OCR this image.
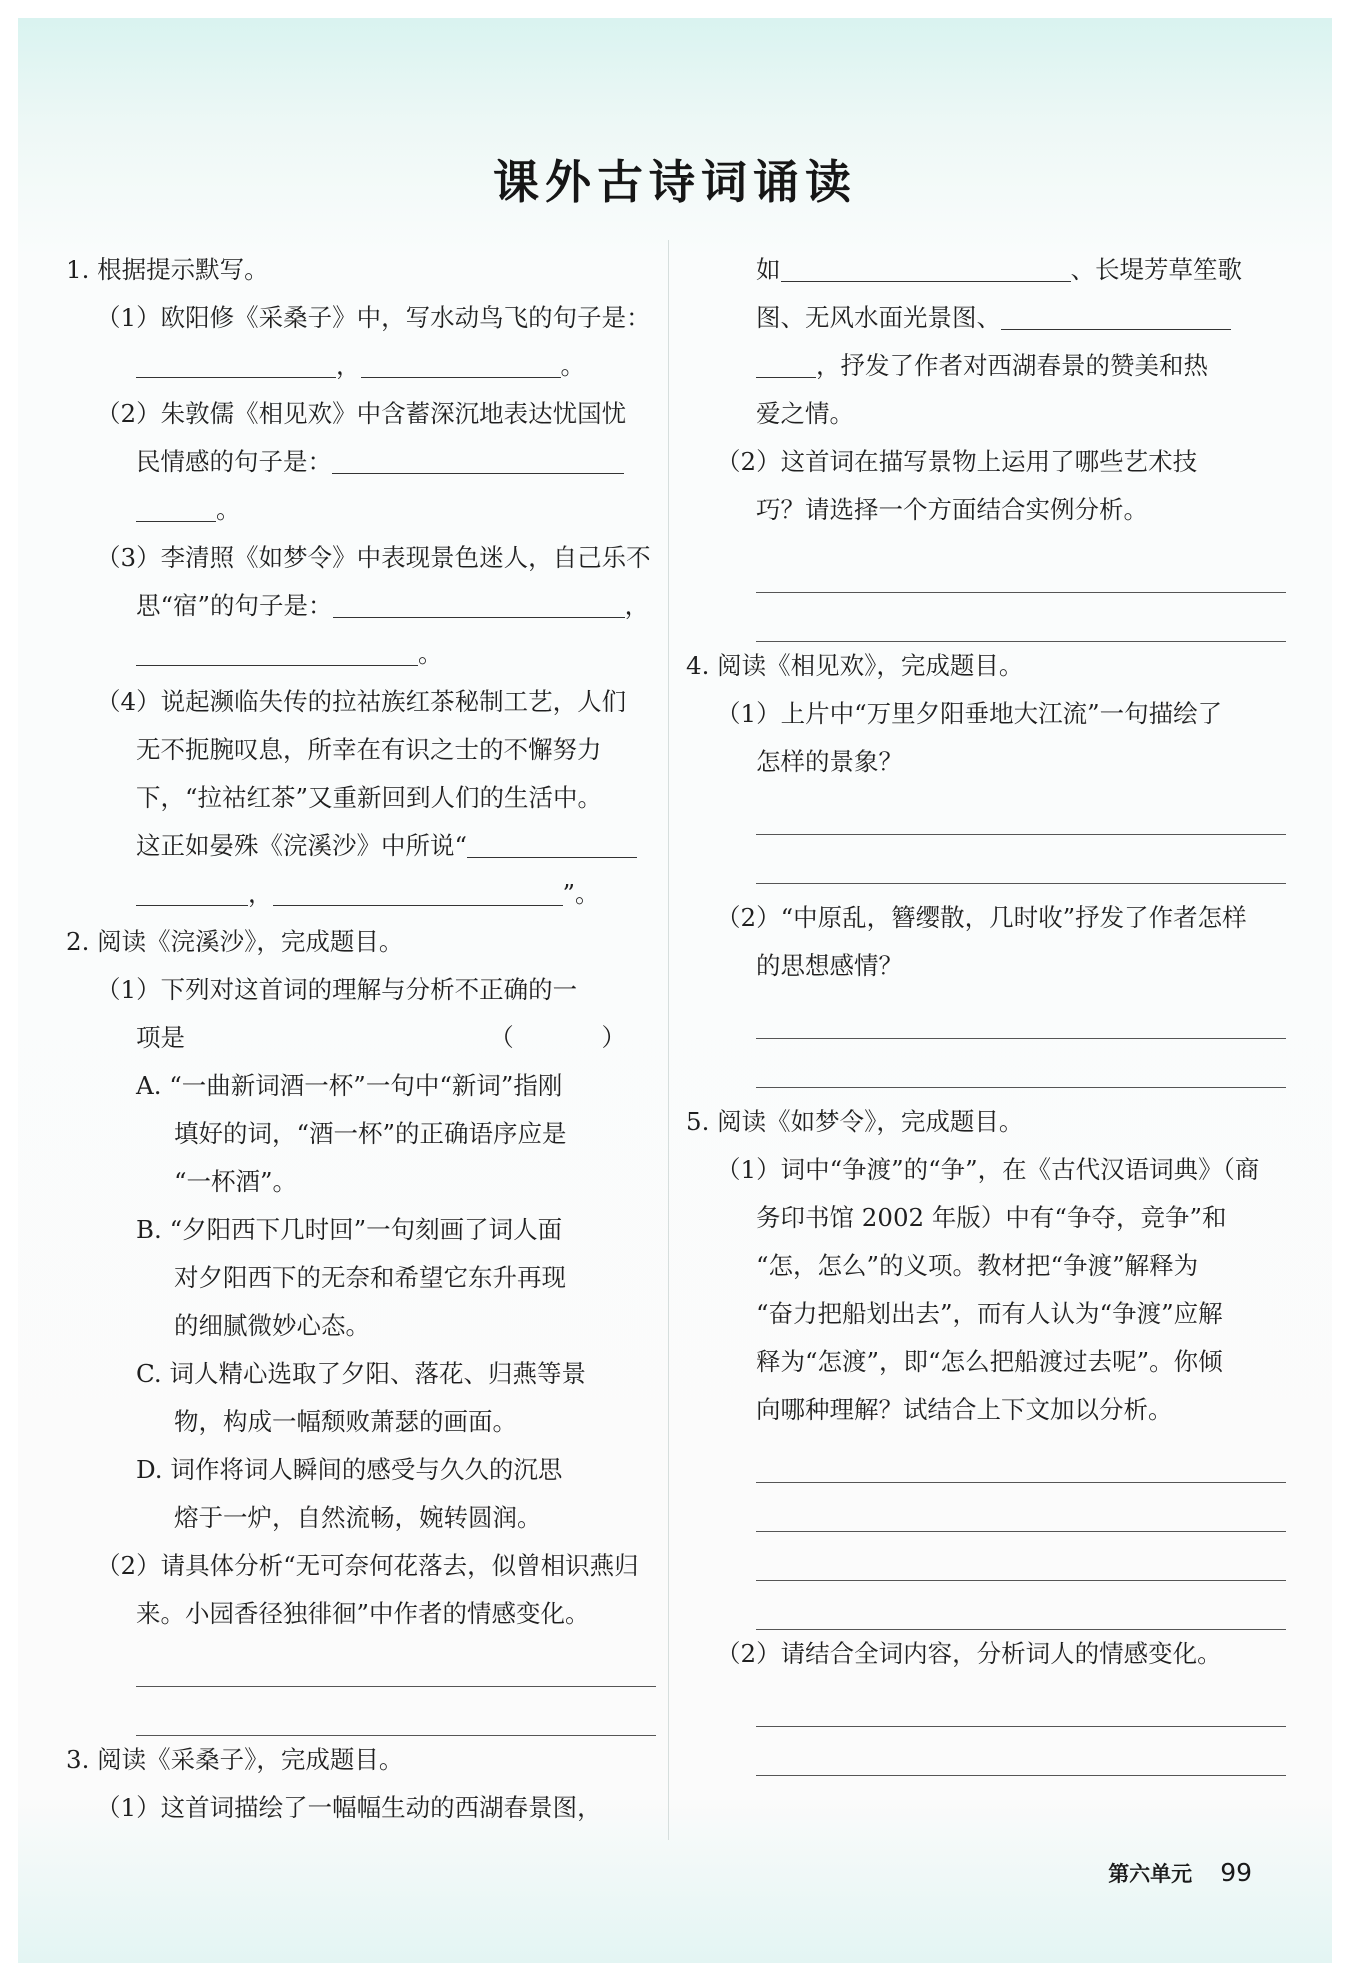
课外古诗词诵读

1. 根据提示默写。

（1）欧阳修《采桑子》中，写水动鸟飞的句子是：

，	。

（2）朱敦儒《相见欢》中含蓄深沉地表达忧国忧

民情感的句子是：

。

（3）李清照《如梦令》中表现景色迷人，自己乐不

思“宿”的句子是：	，

。

（4）说起濒临失传的拉祜族红茶秘制工艺，人们

无不扼腕叹息，所幸在有识之士的不懈努力

下，“拉祜红茶”又重新回到人们的生活中。

这正如晏殊《浣溪沙》中所说“

，	”。

2. 阅读《浣溪沙》，完成题目。

（1）下列对这首词的理解与分析不正确的一

项是	（ ）

A. “一曲新词酒一杯”一句中“新词”指刚

填好的词，“酒一杯”的正确语序应是

“一杯酒”。

B. “夕阳西下几时回”一句刻画了词人面

对夕阳西下的无奈和希望它东升再现

的细腻微妙心态。

C. 词人精心选取了夕阳、落花、归燕等景

物，构成一幅颓败萧瑟的画面。

D. 词作将词人瞬间的感受与久久的沉思

熔于一炉，自然流畅，婉转圆润。

（2）请具体分析“无可奈何花落去，似曾相识燕归

来。小园香径独徘徊”中作者的情感变化。

3. 阅读《采桑子》，完成题目。

（1）这首词描绘了一幅幅生动的西湖春景图，

如	、长堤芳草笙歌

图、无风水面光景图、

，抒发了作者对西湖春景的赞美和热

爱之情。

（2）这首词在描写景物上运用了哪些艺术技

巧？请选择一个方面结合实例分析。

4. 阅读《相见欢》，完成题目。

（1）上片中“万里夕阳垂地大江流”一句描绘了

怎样的景象？

（2）“中原乱，簪缨散，几时收”抒发了作者怎样

的思想感情？

5. 阅读《如梦令》，完成题目。

（1）词中“争渡”的“争”，在《古代汉语词典》（商

务印书馆 2002 年版）中有“争夺，竞争”和

“怎，怎么”的义项。教材把“争渡”解释为

“奋力把船划出去”，而有人认为“争渡”应解

释为“怎渡”，即“怎么把船渡过去呢”。你倾

向哪种理解？试结合上下文加以分析。

（2）请结合全词内容，分析词人的情感变化。

第六单元 99
